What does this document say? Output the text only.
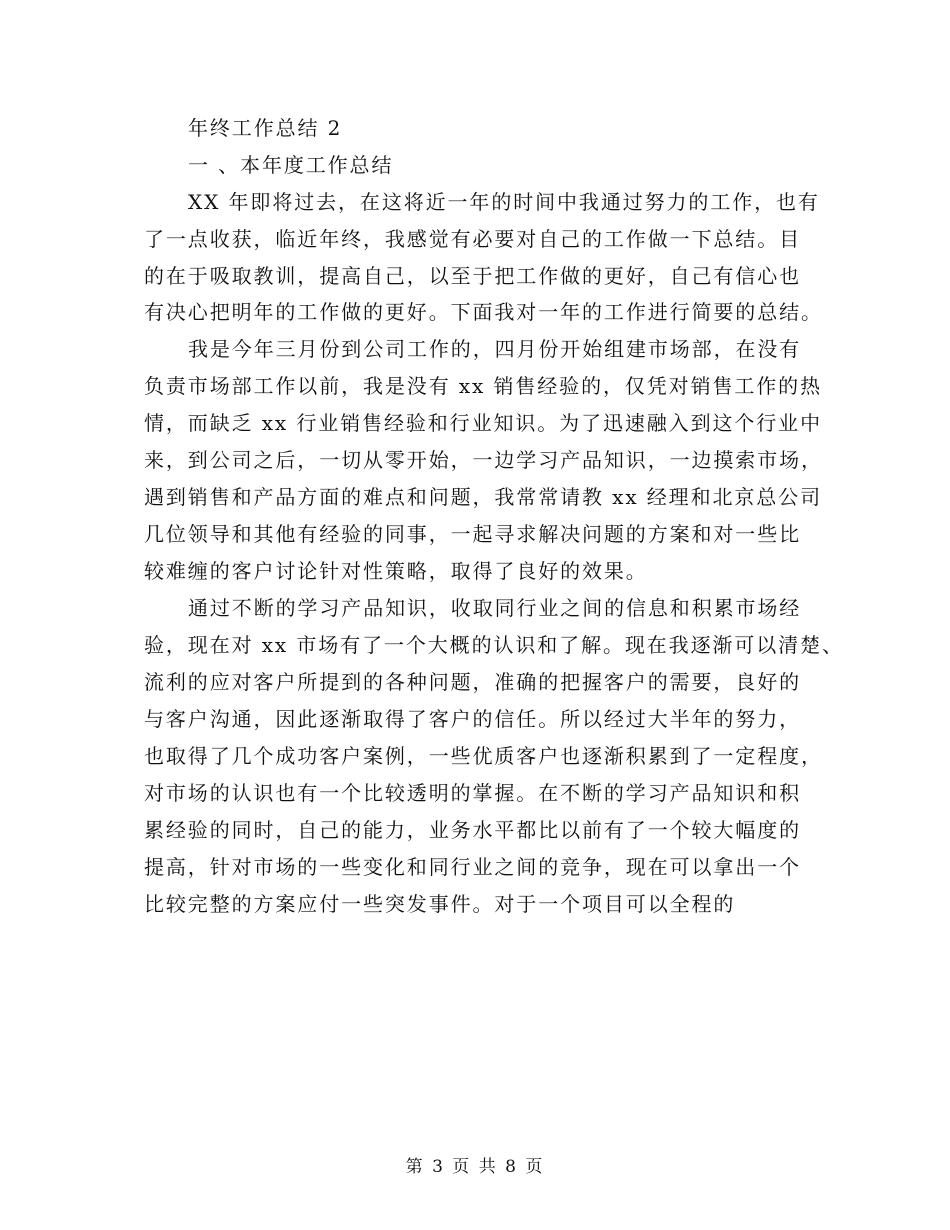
年终工作总结 2
一 、本年度工作总结
XX 年即将过去，在这将近一年的时间中我通过努力的工作，也有
了一点收获，临近年终，我感觉有必要对自己的工作做一下总结。目
的在于吸取教训，提高自己，以至于把工作做的更好，自己有信心也
有决心把明年的工作做的更好。下面我对一年的工作进行简要的总结。
我是今年三月份到公司工作的，四月份开始组建市场部，在没有
负责市场部工作以前，我是没有 xx 销售经验的，仅凭对销售工作的热
情，而缺乏 xx 行业销售经验和行业知识。为了迅速融入到这个行业中
来，到公司之后，一切从零开始，一边学习产品知识，一边摸索市场，
遇到销售和产品方面的难点和问题，我常常请教 xx 经理和北京总公司
几位领导和其他有经验的同事，一起寻求解决问题的方案和对一些比
较难缠的客户讨论针对性策略，取得了良好的效果。
通过不断的学习产品知识，收取同行业之间的信息和积累市场经
验，现在对 xx 市场有了一个大概的认识和了解。现在我逐渐可以清楚、
流利的应对客户所提到的各种问题，准确的把握客户的需要，良好的
与客户沟通，因此逐渐取得了客户的信任。所以经过大半年的努力，
也取得了几个成功客户案例，一些优质客户也逐渐积累到了一定程度，
对市场的认识也有一个比较透明的掌握。在不断的学习产品知识和积
累经验的同时，自己的能力，业务水平都比以前有了一个较大幅度的
提高，针对市场的一些变化和同行业之间的竞争，现在可以拿出一个
比较完整的方案应付一些突发事件。对于一个项目可以全程的
第 3 页 共 8 页
